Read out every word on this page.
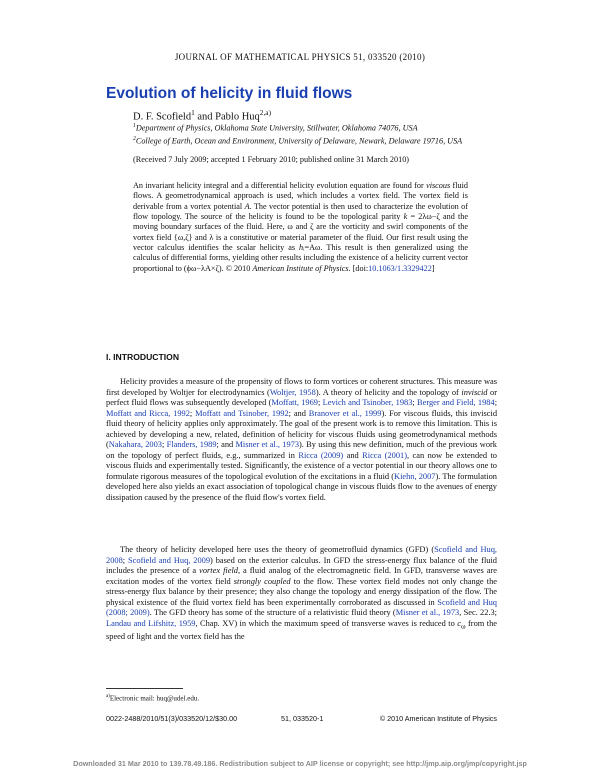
JOURNAL OF MATHEMATICAL PHYSICS 51, 033520 (2010)
Evolution of helicity in fluid flows
D. F. Scofield$^1$ and Pablo Huq$^{2,a)}$
$^1$Department of Physics, Oklahoma State University, Stillwater, Oklahoma 74076, USA
$^2$College of Earth, Ocean and Environment, University of Delaware, Newark, Delaware 19716, USA
(Received 7 July 2009; accepted 1 February 2010; published online 31 March 2010)

An invariant helicity integral and a differential helicity evolution equation are found for viscous fluid flows. A geometrodynamical approach is used, which includes a vortex field. The vortex field is derivable from a vortex potential A. The vector potential is then used to characterize the evolution of flow topology. The source of the helicity is found to be the topological parity k = 2λω−ζ and the moving boundary surfaces of the fluid. Here, ω and ζ are the vorticity and swirl components of the vortex field {ω,ζ} and λ is a constitutive or material parameter of the fluid. Our first result using the vector calculus identifies the scalar helicity as hᵢ=Aω. This result is then generalized using the calculus of differential forms, yielding other results including the existence of a helicity current vector proportional to (ϕω−λA×ζ). © 2010 American Institute of Physics. [doi:10.1063/1.3329422]

I. INTRODUCTION

Helicity provides a measure of the propensity of flows to form vortices or coherent structures. This measure was first developed by Woltjer for electrodynamics (Woltjer, 1958). A theory of helicity and the topology of inviscid or perfect fluid flows was subsequently developed (Moffatt, 1969; Levich and Tsinober, 1983; Berger and Field, 1984; Moffatt and Ricca, 1992; Moffatt and Tsinober, 1992; and Branover et al., 1999). For viscous fluids, this inviscid fluid theory of helicity applies only approximately. The goal of the present work is to remove this limitation. This is achieved by developing a new, related, definition of helicity for viscous fluids using geometrodynamical methods (Nakahara, 2003; Flanders, 1989; and Misner et al., 1973). By using this new definition, much of the previous work on the topology of perfect fluids, e.g., summarized in Ricca (2009) and Ricca (2001), can now be extended to viscous fluids and experimentally tested. Significantly, the existence of a vector potential in our theory allows one to formulate rigorous measures of the topological evolution of the excitations in a fluid (Kiehn, 2007). The formulation developed here also yields an exact association of topological change in viscous fluids flow to the avenues of energy dissipation caused by the presence of the fluid flow's vortex field.

The theory of helicity developed here uses the theory of geometrofluid dynamics (GFD) (Scofield and Huq, 2008; Scofield and Huq, 2009) based on the exterior calculus. In GFD the stress-energy flux balance of the fluid includes the presence of a vortex field, a fluid analog of the electromagnetic field. In GFD, transverse waves are excitation modes of the vortex field strongly coupled to the flow. These vortex field modes not only change the stress-energy flux balance by their presence; they also change the topology and energy dissipation of the flow. The physical existence of the fluid vortex field has been experimentally corroborated as discussed in Scofield and Huq (2008; 2009). The GFD theory has some of the structure of a relativistic fluid theory (Misner et al., 1973, Sec. 22.3; Landau and Lifshitz, 1959, Chap. XV) in which the maximum speed of transverse waves is reduced to $c_\omega$ from the speed of light and the vortex field has the

$^{a)}$Electronic mail: huq@udel.edu.
0022-2488/2010/51(3)/033520/12/$30.00	51, 033520-1	© 2010 American Institute of Physics
Downloaded 31 Mar 2010 to 139.78.49.186. Redistribution subject to AIP license or copyright; see http://jmp.aip.org/jmp/copyright.jsp
